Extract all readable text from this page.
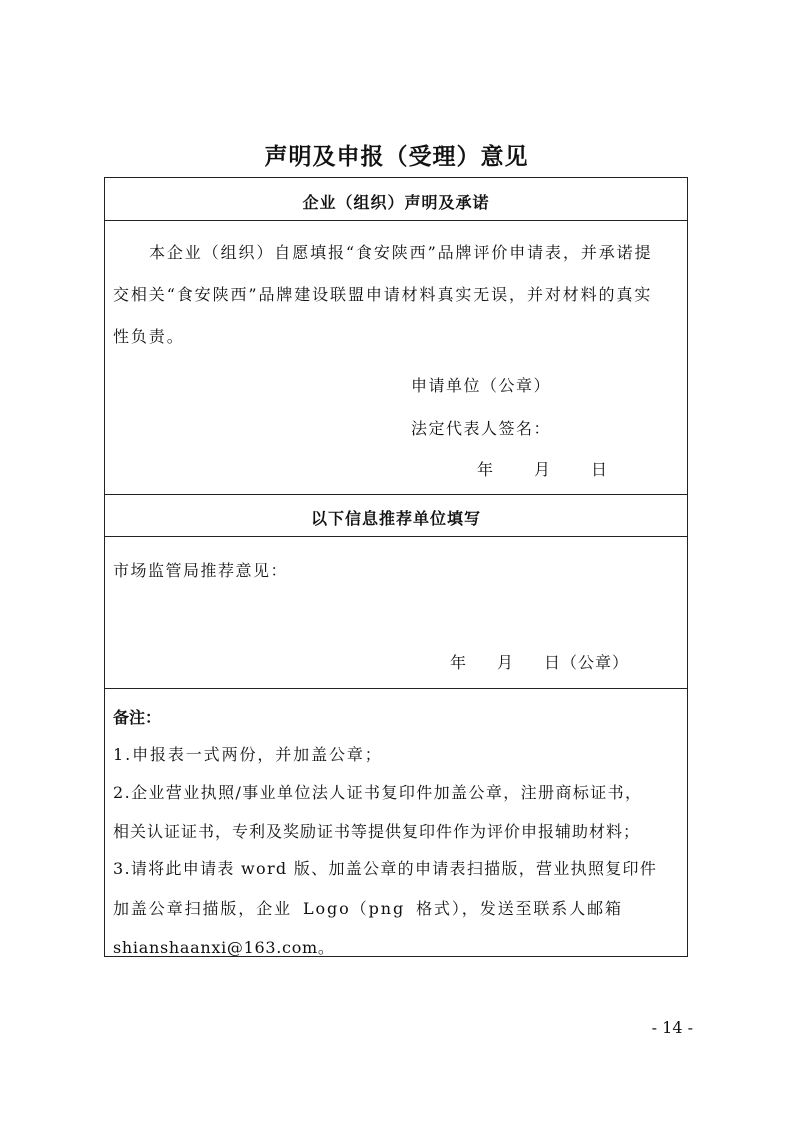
声明及申报（受理）意见
企业（组织）声明及承诺
本企业（组织）自愿填报“食安陕西”品牌评价申请表，并承诺提
交相关“食安陕西”品牌建设联盟申请材料真实无误，并对材料的真实
性负责。
申请单位（公章）
法定代表人签名：
年	月	日
以下信息推荐单位填写
市场监管局推荐意见：
年 月 日（公章）
备注：
1.申报表一式两份，并加盖公章；
2.企业营业执照/事业单位法人证书复印件加盖公章，注册商标证书，
相关认证证书，专利及奖励证书等提供复印件作为评价申报辅助材料；
3.请将此申请表 word 版、加盖公章的申请表扫描版，营业执照复印件
加盖公章扫描版，企业 Logo（png 格式），发送至联系人邮箱
shianshaanxi@163.com。
- 14 -
